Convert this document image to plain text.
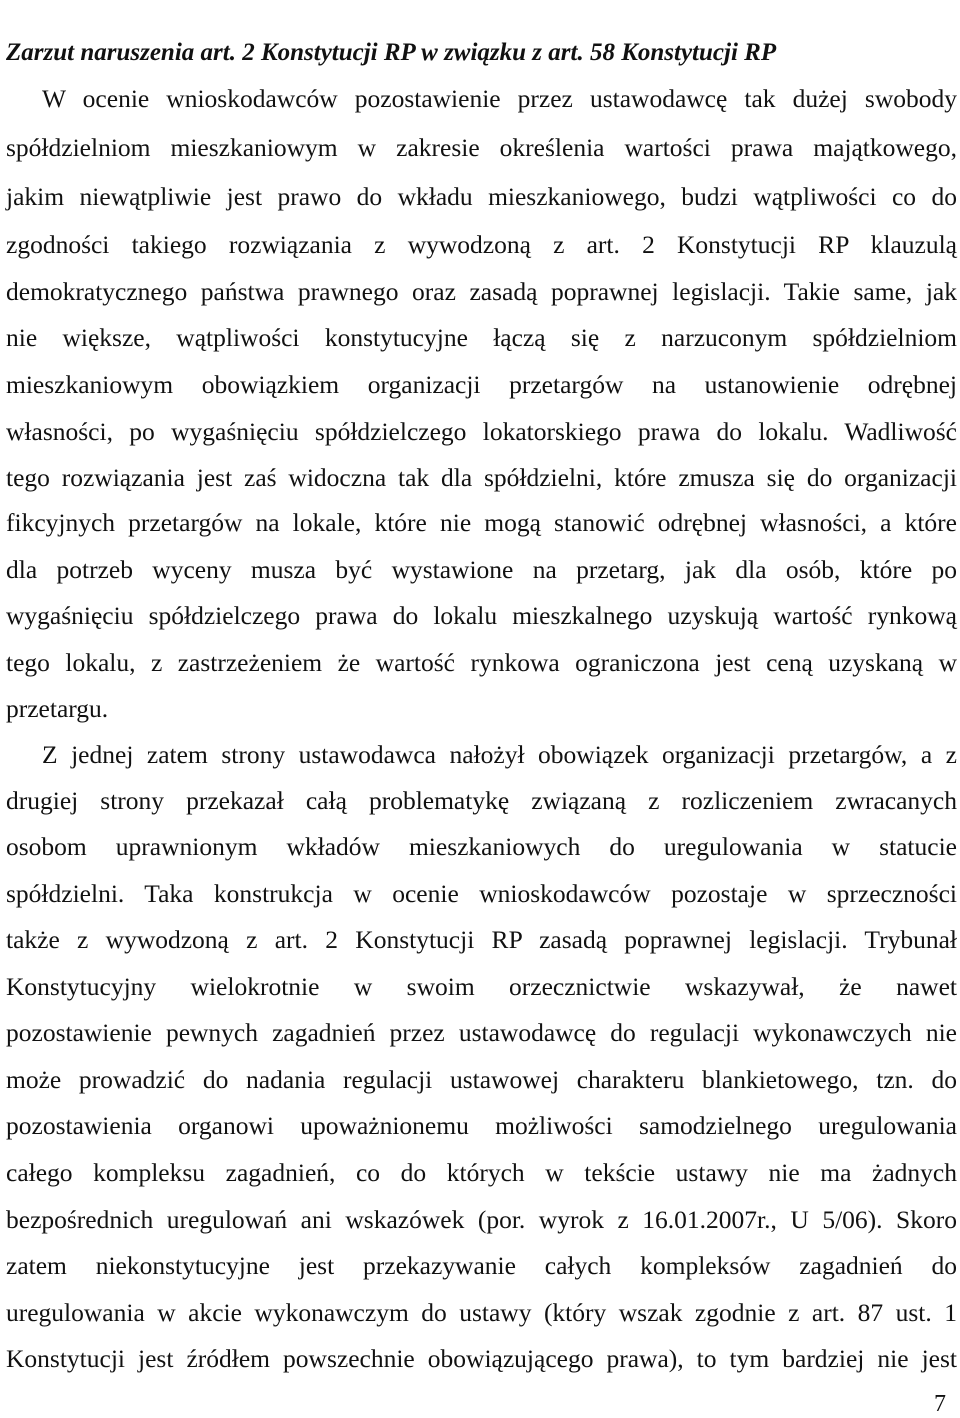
Zarzut naruszenia art. 2 Konstytucji RP w związku z art. 58 Konstytucji RP
W ocenie wnioskodawców pozostawienie przez ustawodawcę tak dużej swobody
spółdzielniom mieszkaniowym w zakresie określenia wartości prawa majątkowego,
jakim niewątpliwie jest prawo do wkładu mieszkaniowego, budzi wątpliwości co do
zgodności takiego rozwiązania z wywodzoną z art. 2 Konstytucji RP klauzulą
demokratycznego państwa prawnego oraz zasadą poprawnej legislacji. Takie same, jak
nie większe, wątpliwości konstytucyjne łączą się z narzuconym spółdzielniom
mieszkaniowym obowiązkiem organizacji przetargów na ustanowienie odrębnej
własności, po wygaśnięciu spółdzielczego lokatorskiego prawa do lokalu. Wadliwość
tego rozwiązania jest zaś widoczna tak dla spółdzielni, które zmusza się do organizacji
fikcyjnych przetargów na lokale, które nie mogą stanowić odrębnej własności, a które
dla potrzeb wyceny musza być wystawione na przetarg, jak dla osób, które po
wygaśnięciu spółdzielczego prawa do lokalu mieszkalnego uzyskują wartość rynkową
tego lokalu, z zastrzeżeniem że wartość rynkowa ograniczona jest ceną uzyskaną w
przetargu.
Z jednej zatem strony ustawodawca nałożył obowiązek organizacji przetargów, a z
drugiej strony przekazał całą problematykę związaną z rozliczeniem zwracanych
osobom uprawnionym wkładów mieszkaniowych do uregulowania w statucie
spółdzielni. Taka konstrukcja w ocenie wnioskodawców pozostaje w sprzeczności
także z wywodzoną z art. 2 Konstytucji RP zasadą poprawnej legislacji. Trybunał
Konstytucyjny wielokrotnie w swoim orzecznictwie wskazywał, że nawet
pozostawienie pewnych zagadnień przez ustawodawcę do regulacji wykonawczych nie
może prowadzić do nadania regulacji ustawowej charakteru blankietowego, tzn. do
pozostawienia organowi upoważnionemu możliwości samodzielnego uregulowania
całego kompleksu zagadnień, co do których w tekście ustawy nie ma żadnych
bezpośrednich uregulowań ani wskazówek (por. wyrok z 16.01.2007r., U 5/06). Skoro
zatem niekonstytucyjne jest przekazywanie całych kompleksów zagadnień do
uregulowania w akcie wykonawczym do ustawy (który wszak zgodnie z art. 87 ust. 1
Konstytucji jest źródłem powszechnie obowiązującego prawa), to tym bardziej nie jest
7
